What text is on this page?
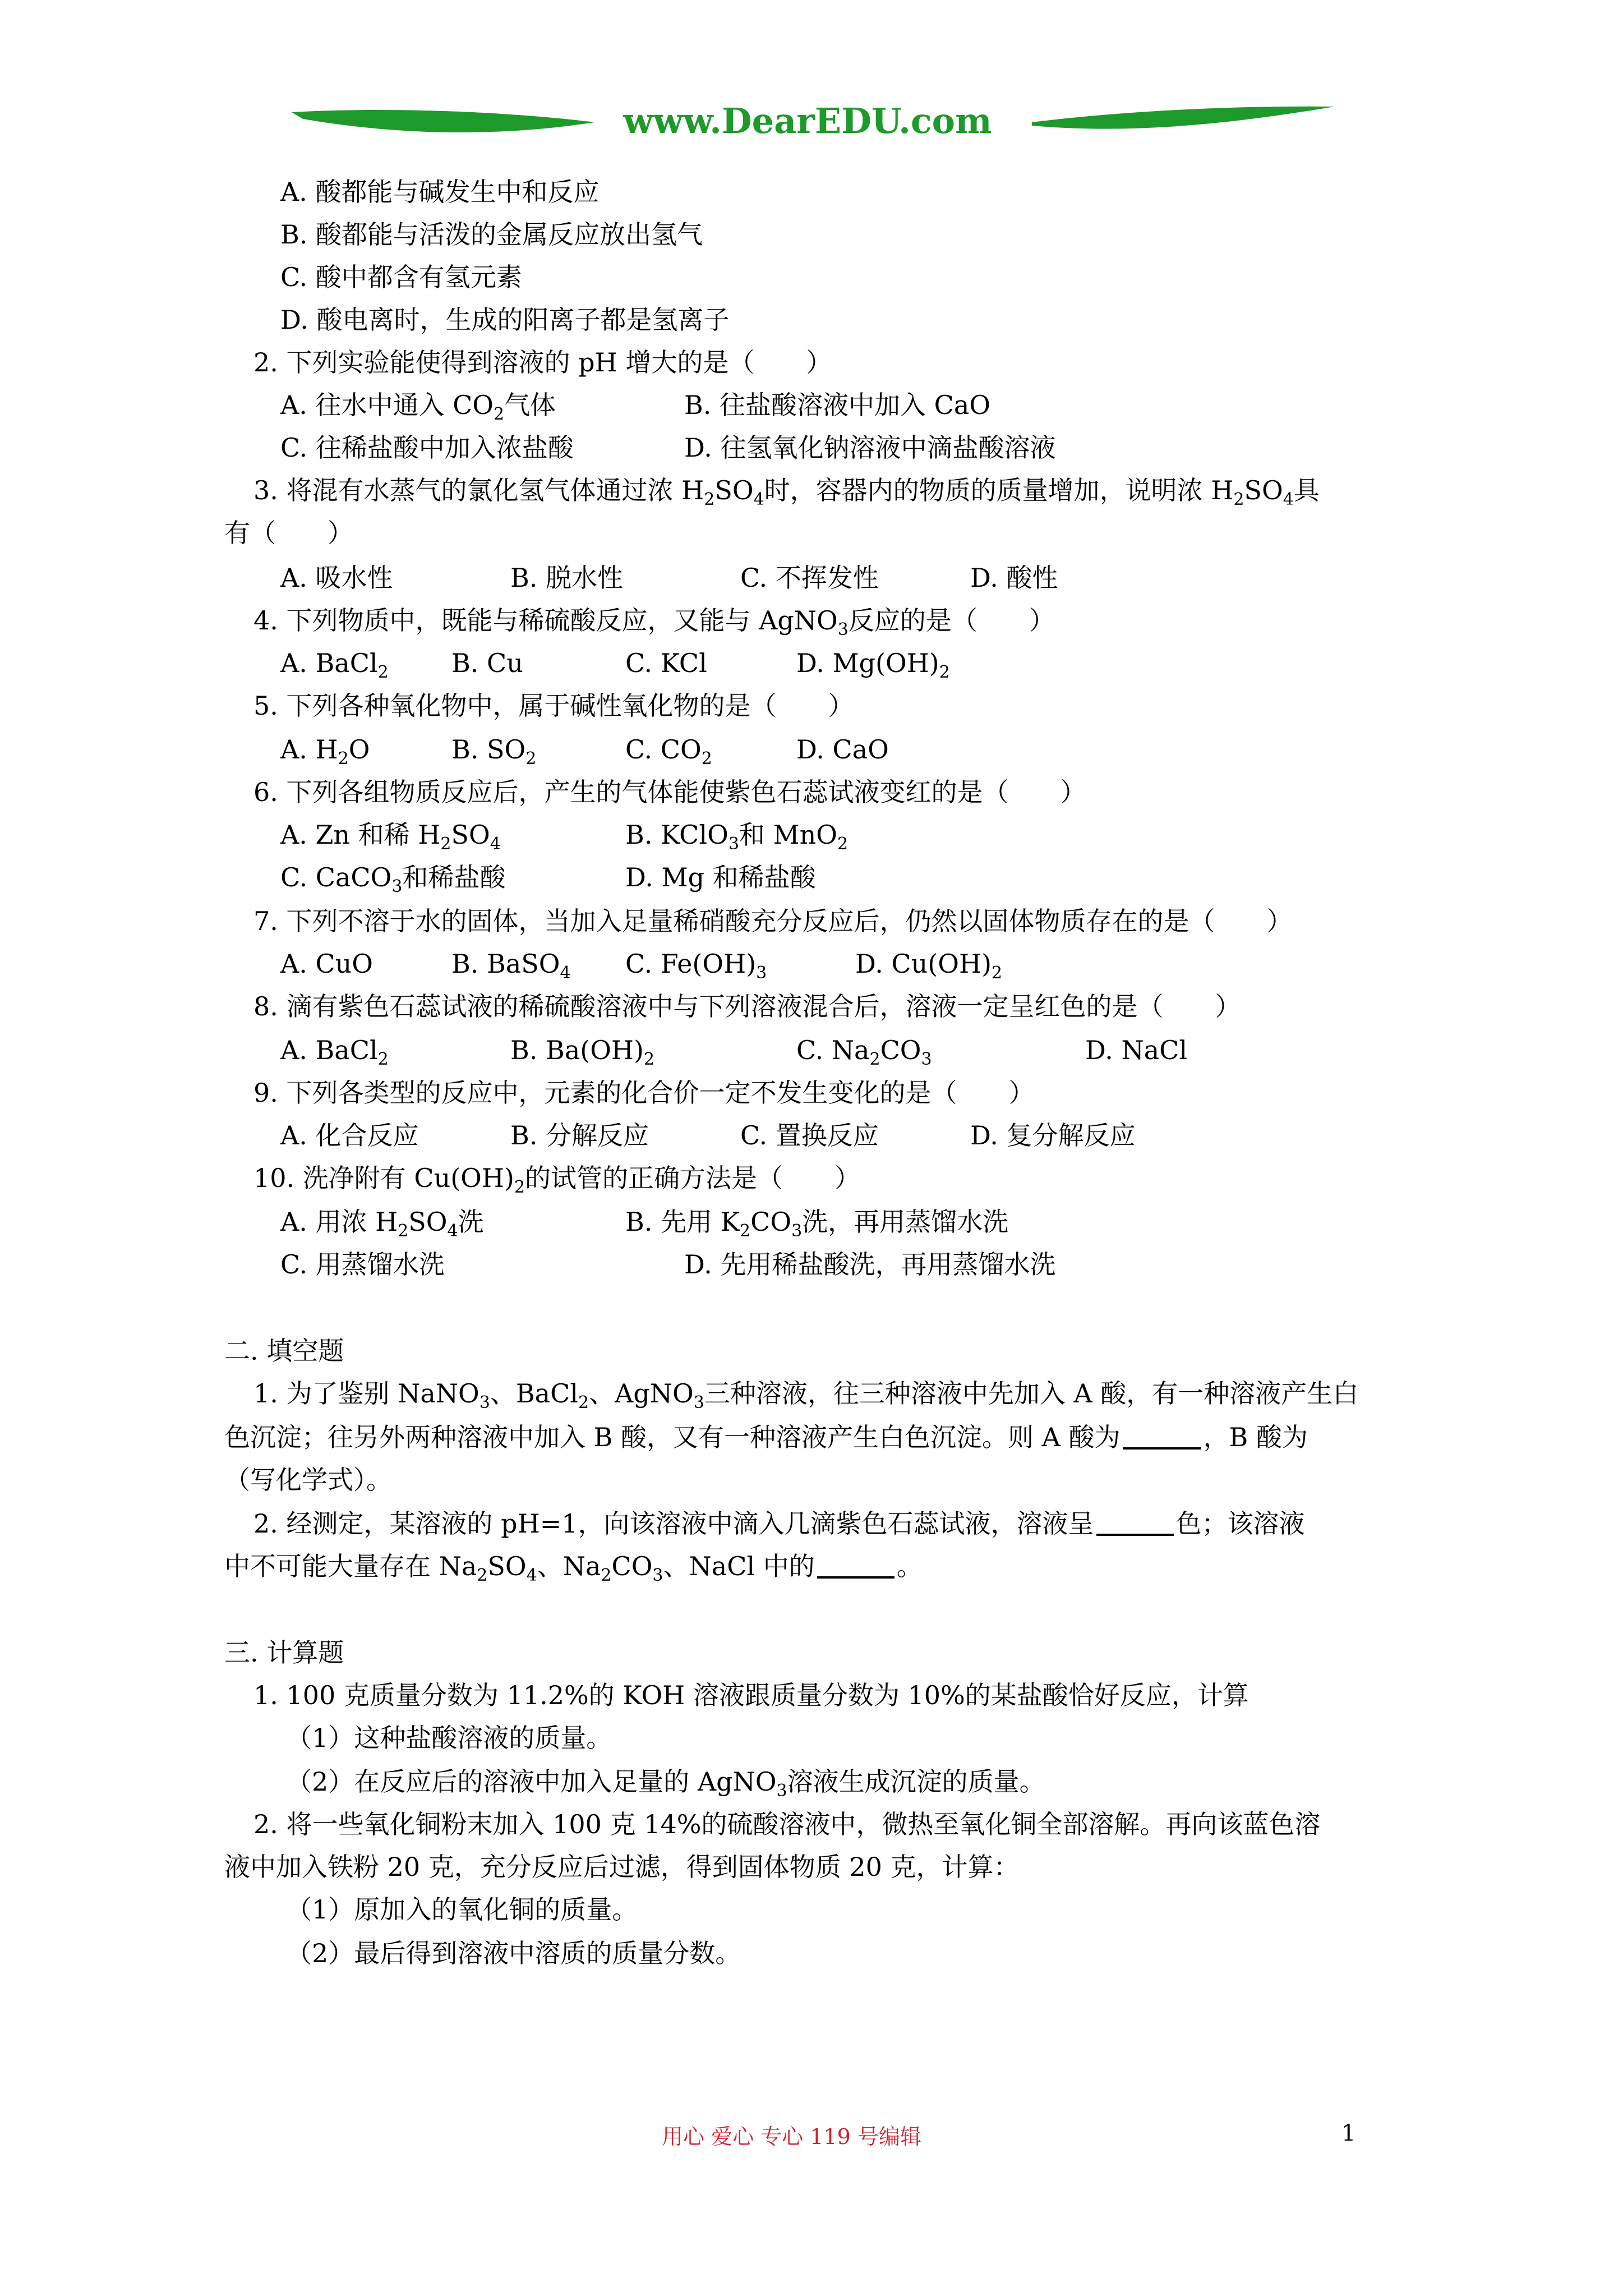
www.DearEDU.com
A. 酸都能与碱发生中和反应
B. 酸都能与活泼的金属反应放出氢气
C. 酸中都含有氢元素
D. 酸电离时，生成的阳离子都是氢离子
2. 下列实验能使得到溶液的 pH 增大的是（　　）
A. 往水中通入 $CO_2$气体	B. 往盐酸溶液中加入 CaO
C. 往稀盐酸中加入浓盐酸	D. 往氢氧化钠溶液中滴盐酸溶液
3. 将混有水蒸气的氯化氢气体通过浓 $H_2SO_4$时，容器内的物质的质量增加，说明浓 $H_2SO_4$具
有（　　）
A. 吸水性	B. 脱水性	C. 不挥发性	D. 酸性
4. 下列物质中，既能与稀硫酸反应，又能与 AgNO$_3$反应的是（　　）
A. BaCl$_2$ B. Cu	C. KCl	D. $Mg(OH)_2$
5. 下列各种氧化物中，属于碱性氧化物的是（　　）
A. $H_2O$	B. $SO_2$	C. $CO_2$	D. CaO
6. 下列各组物质反应后，产生的气体能使紫色石蕊试液变红的是（　　）
A. Zn 和稀 $H_2SO_4$	B. KClO$_3$和 MnO$_2$
C. CaCO$_3$和稀盐酸	D. Mg 和稀盐酸
7. 下列不溶于水的固体，当加入足量稀硝酸充分反应后，仍然以固体物质存在的是（　　）
A. CuO	B. BaSO$_4$ C. $Fe(OH)_3$	D. $Cu(OH)_2$
8. 滴有紫色石蕊试液的稀硫酸溶液中与下列溶液混合后，溶液一定呈红色的是（　　）
A. BaCl$_2$	B. $Ba(OH)_2$	C. $Na_2CO_3$	D. NaCl
9. 下列各类型的反应中，元素的化合价一定不发生变化的是（　　）
A. 化合反应	B. 分解反应	C. 置换反应	D. 复分解反应
10. 洗净附有 $Cu(OH)_2$的试管的正确方法是（　　）
A. 用浓 $H_2SO_4$洗	B. 先用 $K_2CO_3$洗，再用蒸馏水洗
C. 用蒸馏水洗	D. 先用稀盐酸洗，再用蒸馏水洗
二. 填空题
1. 为了鉴别 NaNO$_3$、BaCl$_2$、AgNO$_3$三种溶液，往三种溶液中先加入 A 酸，有一种溶液产生白
色沉淀；往另外两种溶液中加入 B 酸，又有一种溶液产生白色沉淀。则 A 酸为	，B 酸为
（写化学式）。
2. 经测定，某溶液的 pH=1，向该溶液中滴入几滴紫色石蕊试液，溶液呈	色；该溶液
中不可能大量存在 $Na_2SO_4$、$Na_2CO_3$、NaCl 中的	。
三. 计算题
1. 100 克质量分数为 11.2%的 KOH 溶液跟质量分数为 10%的某盐酸恰好反应，计算
（1）这种盐酸溶液的质量。
（2）在反应后的溶液中加入足量的 AgNO$_3$溶液生成沉淀的质量。
2. 将一些氧化铜粉末加入 100 克 14%的硫酸溶液中，微热至氧化铜全部溶解。再向该蓝色溶
液中加入铁粉 20 克，充分反应后过滤，得到固体物质 20 克，计算：
（1）原加入的氧化铜的质量。
（2）最后得到溶液中溶质的质量分数。
用心 爱心 专心 119 号编辑	1
